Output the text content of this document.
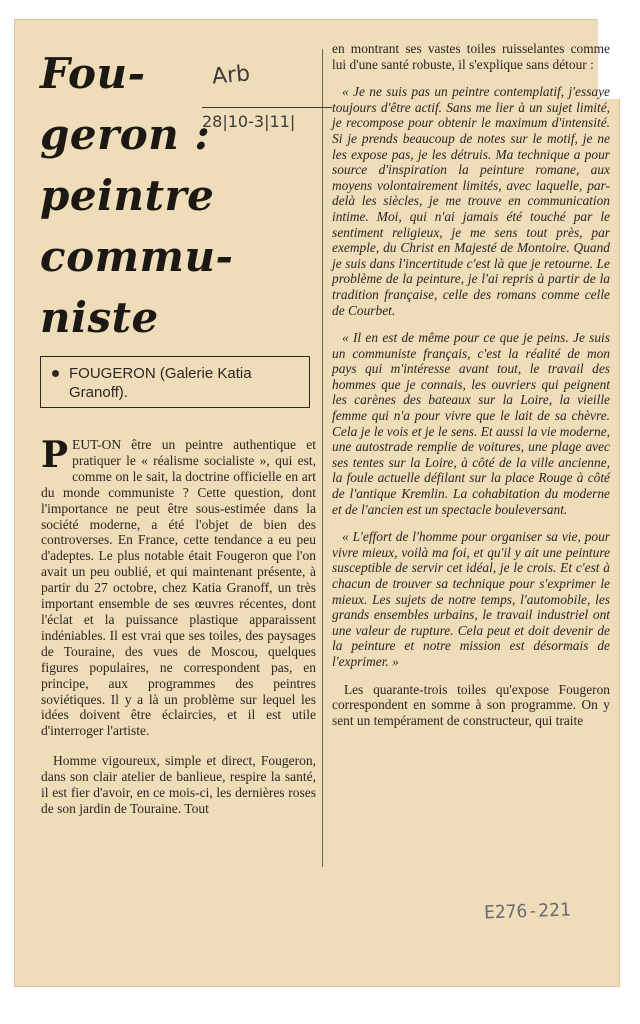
Fou-
geron :
peintre
commu-
niste
Arb
28|10-3|11|
FOUGERON (Galerie Katia Granoff).

PEUT-ON être un peintre authentique et pratiquer le « réalisme socialiste », qui est, comme on le sait, la doctrine officielle en art du monde communiste ? Cette question, dont l'importance ne peut être sous-estimée dans la société moderne, a été l'objet de bien des controverses. En France, cette tendance a eu peu d'adeptes. Le plus notable était Fougeron que l'on avait un peu oublié, et qui maintenant présente, à partir du 27 octobre, chez Katia Granoff, un très important ensemble de ses œuvres récentes, dont l'éclat et la puissance plastique apparaissent indéniables. Il est vrai que ses toiles, des paysages de Touraine, des vues de Moscou, quelques figures populaires, ne correspondent pas, en principe, aux programmes des peintres soviétiques. Il y a là un problème sur lequel les idées doivent être éclaircies, et il est utile d'interroger l'artiste.

Homme vigoureux, simple et direct, Fougeron, dans son clair atelier de banlieue, respire la santé, il est fier d'avoir, en ce mois-ci, les dernières roses de son jardin de Touraine. Tout

en montrant ses vastes toiles ruisselantes comme lui d'une santé robuste, il s'explique sans détour :

« Je ne suis pas un peintre contemplatif, j'essaye toujours d'être actif. Sans me lier à un sujet limité, je recompose pour obtenir le maximum d'intensité. Si je prends beaucoup de notes sur le motif, je ne les expose pas, je les détruis. Ma technique a pour source d'inspiration la peinture romane, aux moyens volontairement limités, avec laquelle, par-delà les siècles, je me trouve en communication intime. Moi, qui n'ai jamais été touché par le sentiment religieux, je me sens tout près, par exemple, du Christ en Majesté de Montoire. Quand je suis dans l'incertitude c'est là que je retourne. Le problème de la peinture, je l'ai repris à partir de la tradition française, celle des romans comme celle de Courbet.

« Il en est de même pour ce que je peins. Je suis un communiste français, c'est la réalité de mon pays qui m'intéresse avant tout, le travail des hommes que je connais, les ouvriers qui peignent les carènes des bateaux sur la Loire, la vieille femme qui n'a pour vivre que le lait de sa chèvre. Cela je le vois et je le sens. Et aussi la vie moderne, une autostrade remplie de voitures, une plage avec ses tentes sur la Loire, à côté de la ville ancienne, la foule actuelle défilant sur la place Rouge à côté de l'antique Kremlin. La cohabitation du moderne et de l'ancien est un spectacle bouleversant.

« L'effort de l'homme pour organiser sa vie, pour vivre mieux, voilà ma foi, et qu'il y ait une peinture susceptible de servir cet idéal, je le crois. Et c'est à chacun de trouver sa technique pour s'exprimer le mieux. Les sujets de notre temps, l'automobile, les grands ensembles urbains, le travail industriel ont une valeur de rupture. Cela peut et doit devenir de la peinture et notre mission est désormais de l'exprimer. »

Les quarante-trois toiles qu'expose Fougeron correspondent en somme à son programme. On y sent un tempérament de constructeur, qui traite

E276-221
